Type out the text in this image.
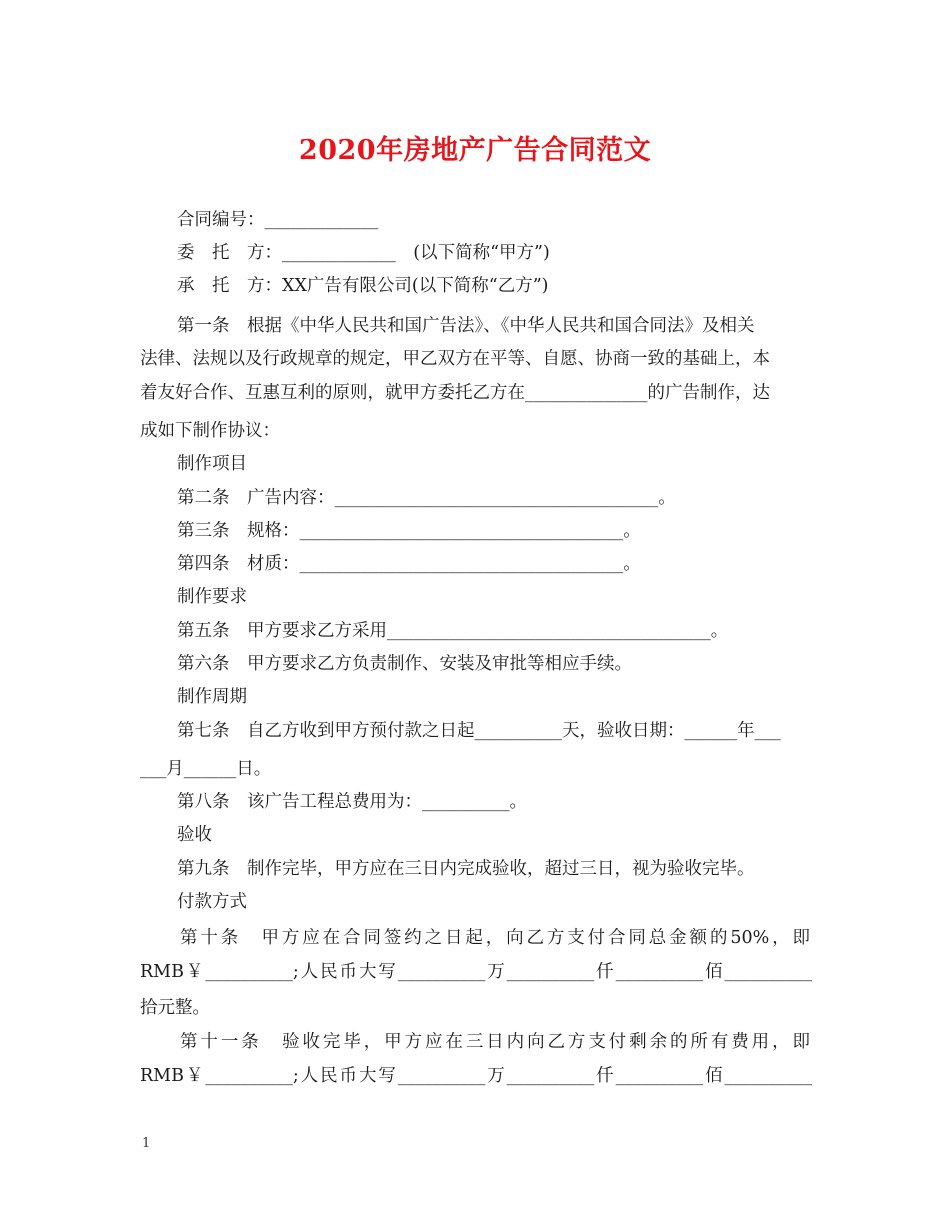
2020年房地产广告合同范文
合同编号：_____________
委　托　方：_____________　(以下简称“甲方”)
承　托　方：XX广告有限公司(以下简称“乙方”)
第一条　根据《中华人民共和国广告法》、《中华人民共和国合同法》及相关
法律、法规以及行政规章的规定，甲乙双方在平等、自愿、协商一致的基础上，本
着友好合作、互惠互利的原则，就甲方委托乙方在______________的广告制作，达
成如下制作协议：
制作项目
第二条　广告内容：_____________________________________。
第三条　规格：_____________________________________。
第四条　材质：_____________________________________。
制作要求
第五条　甲方要求乙方采用_____________________________________。
第六条　甲方要求乙方负责制作、安装及审批等相应手续。
制作周期
第七条　自乙方收到甲方预付款之日起__________天，验收日期：______年___
___月______日。
第八条　该广告工程总费用为：__________。
验收
第九条　制作完毕，甲方应在三日内完成验收，超过三日，视为验收完毕。
付款方式
第十条　甲方应在合同签约之日起，向乙方支付合同总金额的50%，即
RMB￥__________;人民币大写__________万__________仟__________佰__________
拾元整。
第十一条　验收完毕，甲方应在三日内向乙方支付剩余的所有费用，即
RMB￥__________;人民币大写__________万__________仟__________佰__________
1
